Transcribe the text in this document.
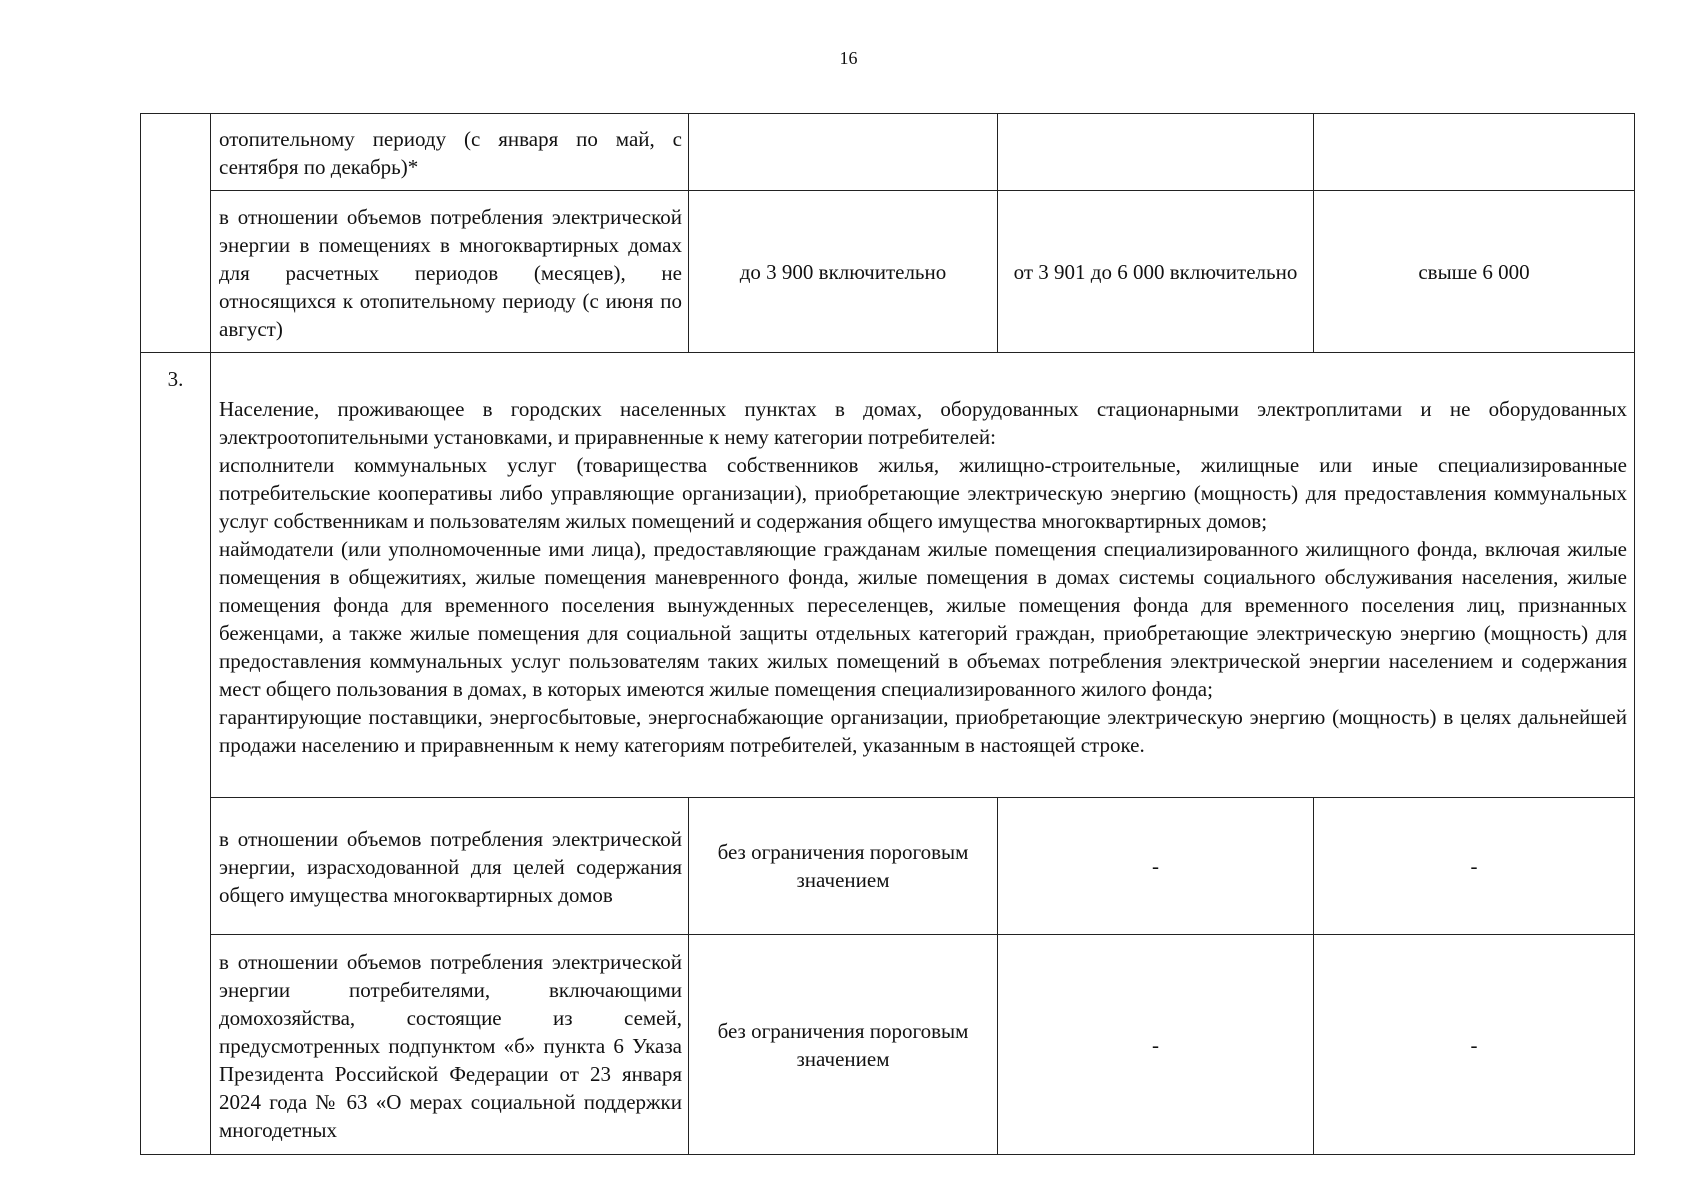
16
	отопительному периоду (с января по май, с сентября по декабрь)*			
	в отношении объемов потребления электрической энергии в помещениях в многоквартирных домах для расчетных периодов (месяцев), не относящихся к отопительному периоду (с июня по август)	до 3 900 включительно	от 3 901 до 6 000 включительно	свыше 6 000
3.	Население, проживающее в городских населенных пунктах в домах, оборудованных стационарными электроплитами и не оборудованных электроотопительными установками, и приравненные к нему категории потребителей:
исполнители коммунальных услуг (товарищества собственников жилья, жилищно-строительные, жилищные или иные специализированные потребительские кооперативы либо управляющие организации), приобретающие электрическую энергию (мощность) для предоставления коммунальных услуг собственникам и пользователям жилых помещений и содержания общего имущества многоквартирных домов;
наймодатели (или уполномоченные ими лица), предоставляющие гражданам жилые помещения специализированного жилищного фонда, включая жилые помещения в общежитиях, жилые помещения маневренного фонда, жилые помещения в домах системы социального обслуживания населения, жилые помещения фонда для временного поселения вынужденных переселенцев, жилые помещения фонда для временного поселения лиц, признанных беженцами, а также жилые помещения для социальной защиты отдельных категорий граждан, приобретающие электрическую энергию (мощность) для предоставления коммунальных услуг пользователям таких жилых помещений в объемах потребления электрической энергии населением и содержания мест общего пользования в домах, в которых имеются жилые помещения специализированного жилого фонда;
гарантирующие поставщики, энергосбытовые, энергоснабжающие организации, приобретающие электрическую энергию (мощность) в целях дальнейшей продажи населению и приравненным к нему категориям потребителей, указанным в настоящей строке.			

	в отношении объемов потребления электрической энергии, израсходованной для целей содержания общего имущества многоквартирных домов	без ограничения пороговым значением	-	-
	в отношении объемов потребления электрической энергии потребителями, включающими домохозяйства, состоящие из семей, предусмотренных подпунктом «б» пункта 6 Указа Президента Российской Федерации от 23 января 2024 года № 63 «О мерах социальной поддержки многодетных	без ограничения пороговым значением	-	-
